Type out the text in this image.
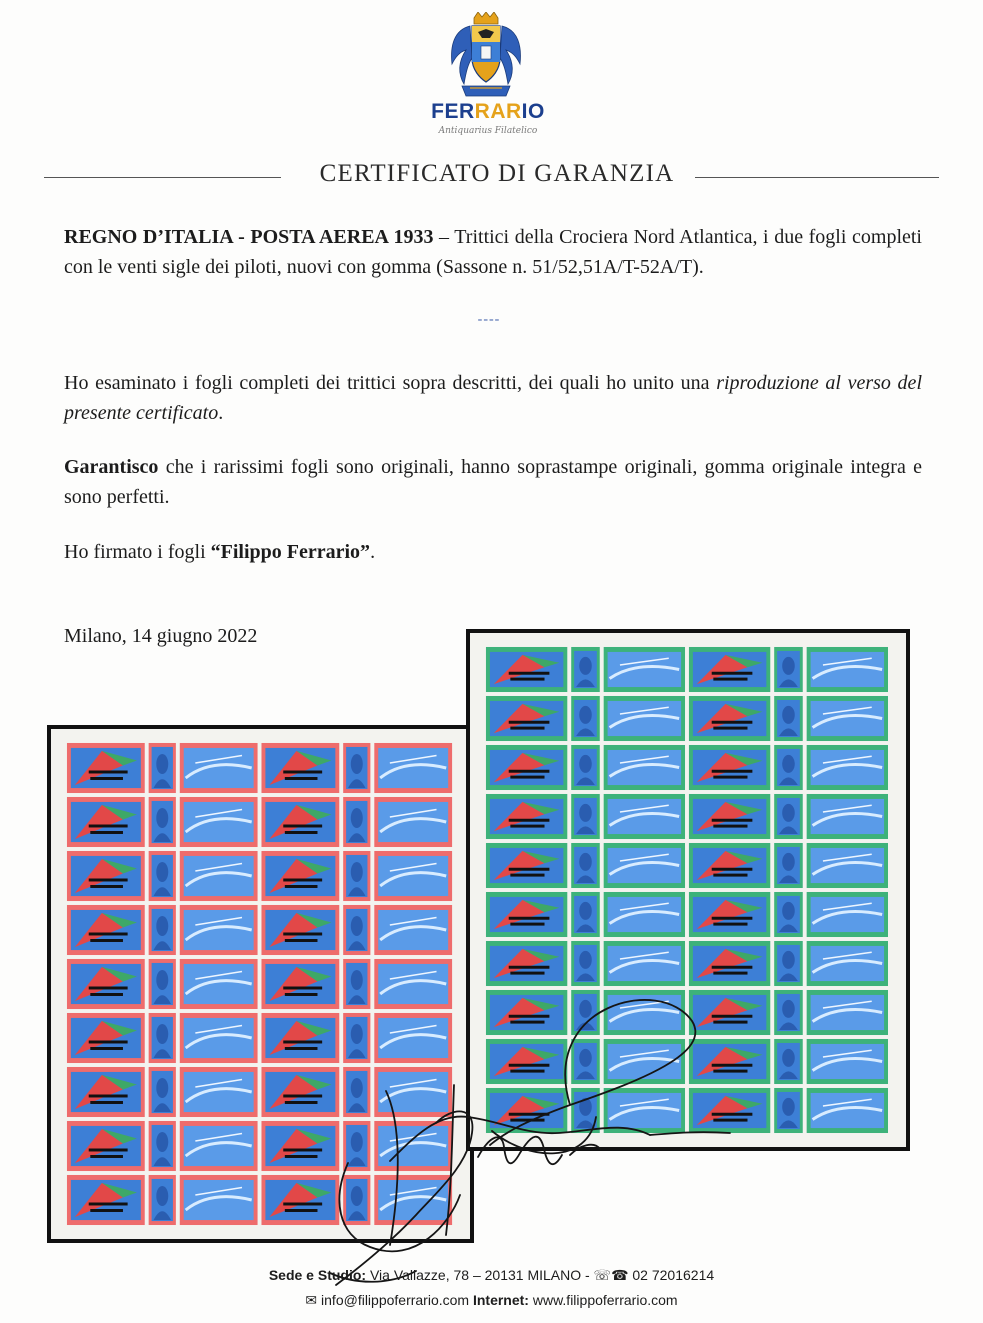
FERRARIO
Antiquarius Filatelico
CERTIFICATO DI GARANZIA

REGNO D’ITALIA - POSTA AEREA 1933 – Trittici della Crociera Nord Atlantica, i due fogli completi con le venti sigle dei piloti, nuovi con gomma (Sassone n. 51/52,51A/T-52A/T).

----

Ho esaminato i fogli completi dei trittici sopra descritti, dei quali ho unito una riproduzione al verso del presente certificato.

Garantisco che i rarissimi fogli sono originali, hanno soprastampe originali, gomma originale integra e sono perfetti.

Ho firmato i fogli “Filippo Ferrario”.

Milano, 14 giugno 2022

Sede e Studio: Via Vallazze, 78 – 20131 MILANO - ☏☎ 02 72016214
✉ info@filippoferrario.com Internet: www.filippoferrario.com
